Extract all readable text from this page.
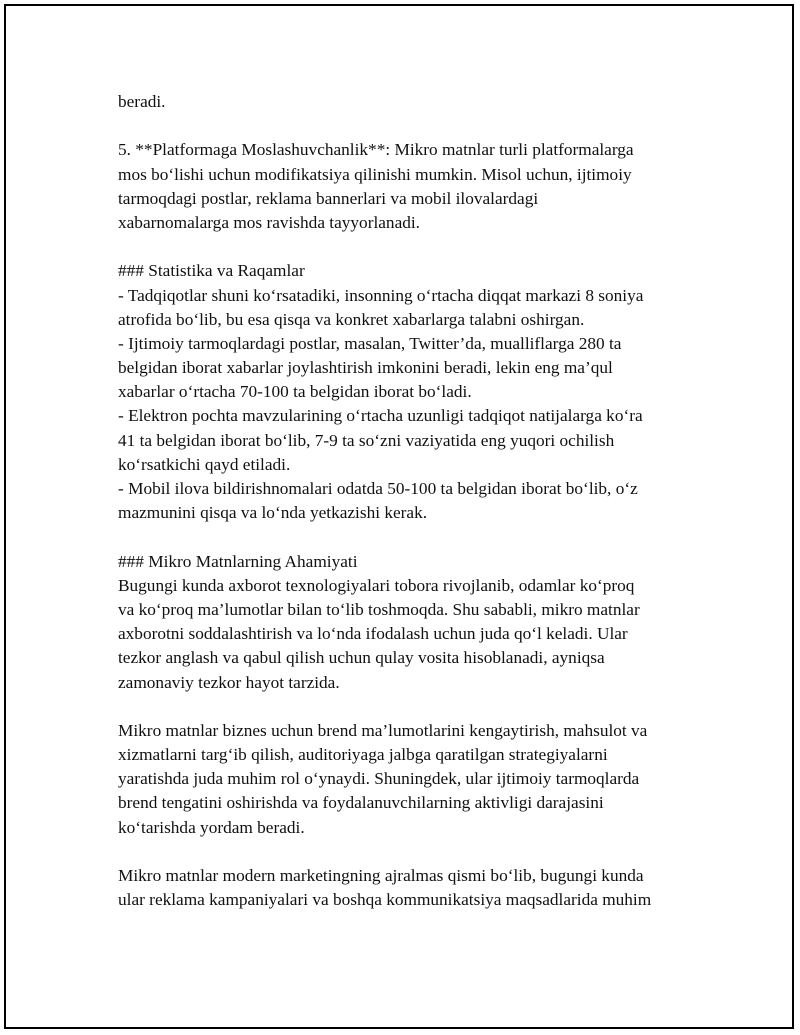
beradi.
5. **Platformaga Moslashuvchanlik**: Mikro matnlar turli platformalarga
mos bo‘lishi uchun modifikatsiya qilinishi mumkin. Misol uchun, ijtimoiy
tarmoqdagi postlar, reklama bannerlari va mobil ilovalardagi
xabarnomalarga mos ravishda tayyorlanadi.
### Statistika va Raqamlar
- Tadqiqotlar shuni ko‘rsatadiki, insonning o‘rtacha diqqat markazi 8 soniya
atrofida bo‘lib, bu esa qisqa va konkret xabarlarga talabni oshirgan.
- Ijtimoiy tarmoqlardagi postlar, masalan, Twitter’da, mualliflarga 280 ta
belgidan iborat xabarlar joylashtirish imkonini beradi, lekin eng ma’qul
xabarlar o‘rtacha 70-100 ta belgidan iborat bo‘ladi.
- Elektron pochta mavzularining o‘rtacha uzunligi tadqiqot natijalarga ko‘ra
41 ta belgidan iborat bo‘lib, 7-9 ta so‘zni vaziyatida eng yuqori ochilish
ko‘rsatkichi qayd etiladi.
- Mobil ilova bildirishnomalari odatda 50-100 ta belgidan iborat bo‘lib, o‘z
mazmunini qisqa va lo‘nda yetkazishi kerak.
### Mikro Matnlarning Ahamiyati
Bugungi kunda axborot texnologiyalari tobora rivojlanib, odamlar ko‘proq
va ko‘proq ma’lumotlar bilan to‘lib toshmoqda. Shu sababli, mikro matnlar
axborotni soddalashtirish va lo‘nda ifodalash uchun juda qo‘l keladi. Ular
tezkor anglash va qabul qilish uchun qulay vosita hisoblanadi, ayniqsa
zamonaviy tezkor hayot tarzida.
Mikro matnlar biznes uchun brend ma’lumotlarini kengaytirish, mahsulot va
xizmatlarni targ‘ib qilish, auditoriyaga jalbga qaratilgan strategiyalarni
yaratishda juda muhim rol o‘ynaydi. Shuningdek, ular ijtimoiy tarmoqlarda
brend tengatini oshirishda va foydalanuvchilarning aktivligi darajasini
ko‘tarishda yordam beradi.
Mikro matnlar modern marketingning ajralmas qismi bo‘lib, bugungi kunda
ular reklama kampaniyalari va boshqa kommunikatsiya maqsadlarida muhim
